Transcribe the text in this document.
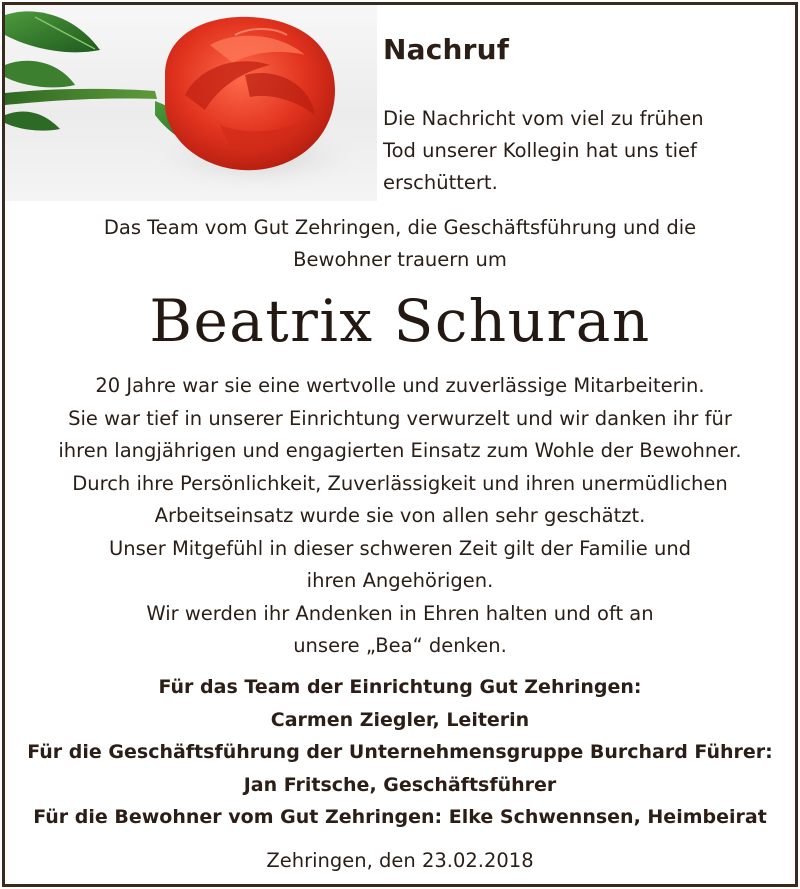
Nachruf

Die Nachricht vom viel zu frühen
Tod unserer Kollegin hat uns tief
erschüttert.

Das Team vom Gut Zehringen, die Geschäftsführung und die
Bewohner trauern um

Beatrix Schuran

20 Jahre war sie eine wertvolle und zuverlässige Mitarbeiterin.
Sie war tief in unserer Einrichtung verwurzelt und wir danken ihr für
ihren langjährigen und engagierten Einsatz zum Wohle der Bewohner.
Durch ihre Persönlichkeit, Zuverlässigkeit und ihren unermüdlichen
Arbeitseinsatz wurde sie von allen sehr geschätzt.
Unser Mitgefühl in dieser schweren Zeit gilt der Familie und
ihren Angehörigen.
Wir werden ihr Andenken in Ehren halten und oft an
unsere „Bea“ denken.

Für das Team der Einrichtung Gut Zehringen:
Carmen Ziegler, Leiterin
Für die Geschäftsführung der Unternehmensgruppe Burchard Führer:
Jan Fritsche, Geschäftsführer
Für die Bewohner vom Gut Zehringen: Elke Schwennsen, Heimbeirat

Zehringen, den 23.02.2018
